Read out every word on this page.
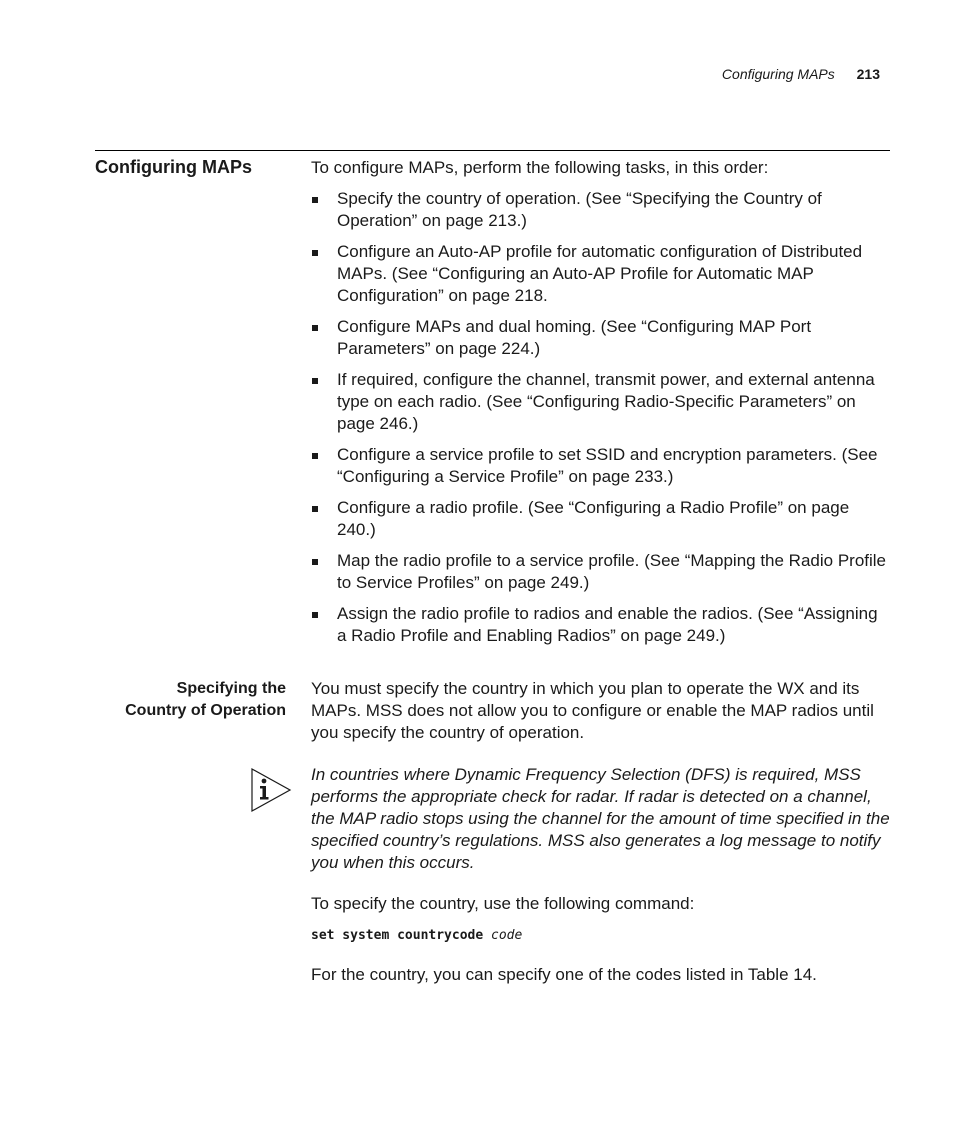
Configuring MAPs 213
Configuring MAPs	To configure MAPs, perform the following tasks, in this order:
Specify the country of operation. (See “Specifying the Country of Operation” on page 213.)
Configure an Auto-AP profile for automatic configuration of Distributed MAPs. (See “Configuring an Auto-AP Profile for Automatic MAP Configuration” on page 218.
Configure MAPs and dual homing. (See “Configuring MAP Port Parameters” on page 224.)
If required, configure the channel, transmit power, and external antenna type on each radio. (See “Configuring Radio-Specific Parameters” on page 246.)
Configure a service profile to set SSID and encryption parameters. (See “Configuring a Service Profile” on page 233.)
Configure a radio profile. (See “Configuring a Radio Profile” on page 240.)
Map the radio profile to a service profile. (See “Mapping the Radio Profile to Service Profiles” on page 249.)
Assign the radio profile to radios and enable the radios. (See “Assigning a Radio Profile and Enabling Radios” on page 249.)
Specifying the
Country of Operation
You must specify the country in which you plan to operate the WX and its MAPs. MSS does not allow you to configure or enable the MAP radios until you specify the country of operation.
In countries where Dynamic Frequency Selection (DFS) is required, MSS performs the appropriate check for radar. If radar is detected on a channel, the MAP radio stops using the channel for the amount of time specified in the specified country’s regulations. MSS also generates a log message to notify you when this occurs.
To specify the country, use the following command:
set system countrycode code
For the country, you can specify one of the codes listed in Table 14.
